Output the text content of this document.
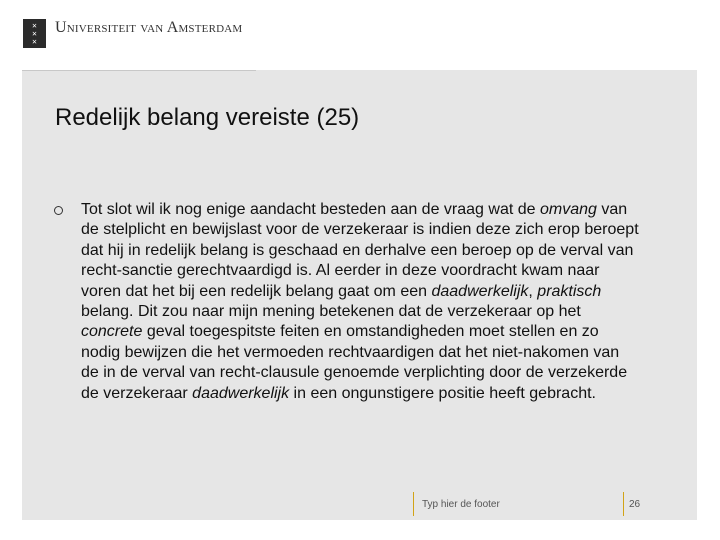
✕
✕
✕
Universiteit van Amsterdam
Redelijk belang vereiste (25)

Tot slot wil ik nog enige aandacht besteden aan de vraag wat de omvang van de stelplicht en bewijslast voor de verzekeraar is indien deze zich erop beroept dat hij in redelijk belang is geschaad en derhalve een beroep op de verval van recht-sanctie gerechtvaardigd is. Al eerder in deze voordracht kwam naar voren dat het bij een redelijk belang gaat om een daadwerkelijk, praktisch belang. Dit zou naar mijn mening betekenen dat de verzekeraar op het concrete geval toegespitste feiten en omstandigheden moet stellen en zo nodig bewijzen die het vermoeden rechtvaardigen dat het niet-nakomen van de in de verval van recht-clausule genoemde verplichting door de verzekerde de verzekeraar daadwerkelijk in een ongunstigere positie heeft gebracht.

Typ hier de footer	26
